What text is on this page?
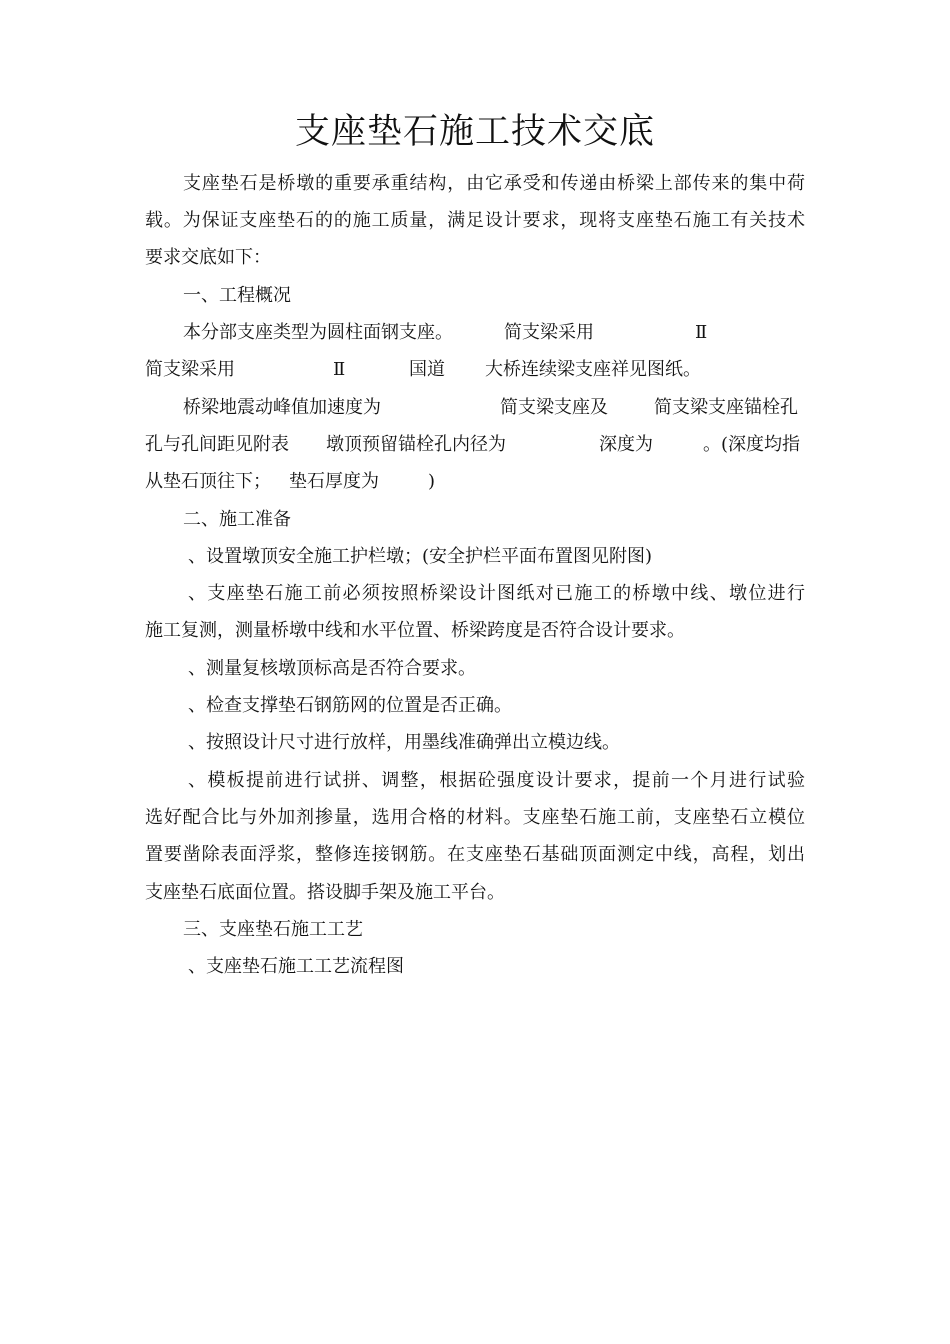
支座垫石施工技术交底
支座垫石是桥墩的重要承重结构，由它承受和传递由桥梁上部传来的集中荷
载。为保证支座垫石的的施工质量，满足设计要求，现将支座垫石施工有关技术
要求交底如下：
一、工程概况
本分部支座类型为圆柱面钢支座。	简支梁采用	Ⅱ
简支梁采用	Ⅱ	国道 大桥连续梁支座祥见图纸。
桥梁地震动峰值加速度为	简支梁支座及	简支梁支座锚栓孔
孔与孔间距见附表 墩顶预留锚栓孔内径为	深度为	。(深度均指
从垫石顶往下； 垫石厚度为	)
二、施工准备
、设置墩顶安全施工护栏墩；(安全护栏平面布置图见附图)
、支座垫石施工前必须按照桥梁设计图纸对已施工的桥墩中线、墩位进行
施工复测，测量桥墩中线和水平位置、桥梁跨度是否符合设计要求。
、测量复核墩顶标高是否符合要求。
、检查支撑垫石钢筋网的位置是否正确。
、按照设计尺寸进行放样，用墨线准确弹出立模边线。
、模板提前进行试拼、调整，根据砼强度设计要求，提前一个月进行试验
选好配合比与外加剂掺量，选用合格的材料。支座垫石施工前，支座垫石立模位
置要凿除表面浮浆，整修连接钢筋。在支座垫石基础顶面测定中线，高程，划出
支座垫石底面位置。搭设脚手架及施工平台。
三、支座垫石施工工艺
、支座垫石施工工艺流程图
